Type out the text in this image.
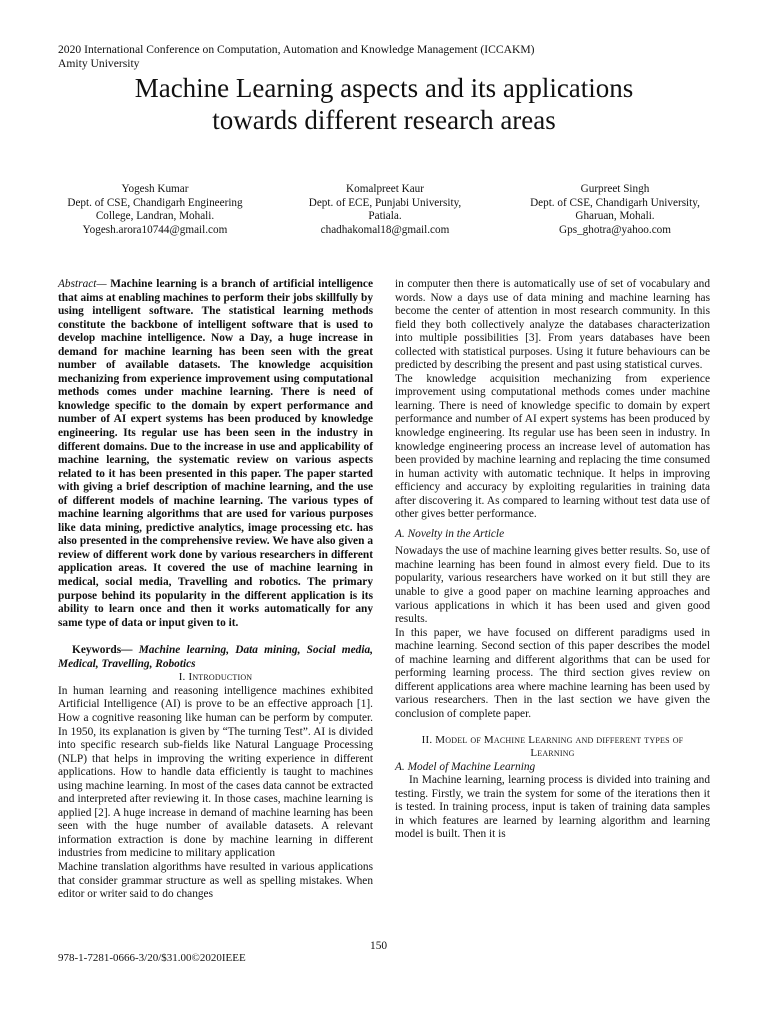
2020 International Conference on Computation, Automation and Knowledge Management (ICCAKM)
Amity University
Machine Learning aspects and its applications
towards different research areas
Yogesh Kumar
Dept. of CSE, Chandigarh Engineering
College, Landran, Mohali.
Yogesh.arora10744@gmail.com
Komalpreet Kaur
Dept. of ECE, Punjabi University,
Patiala.
chadhakomal18@gmail.com
Gurpreet Singh
Dept. of CSE, Chandigarh University,
Gharuan, Mohali.
Gps_ghotra@yahoo.com

Abstract— Machine learning is a branch of artificial intelligence that aims at enabling machines to perform their jobs skillfully by using intelligent software. The statistical learning methods constitute the backbone of intelligent software that is used to develop machine intelligence. Now a Day, a huge increase in demand for machine learning has been seen with the great number of available datasets. The knowledge acquisition mechanizing from experience improvement using computational methods comes under machine learning. There is need of knowledge specific to the domain by expert performance and number of AI expert systems has been produced by knowledge engineering. Its regular use has been seen in the industry in different domains. Due to the increase in use and applicability of machine learning, the systematic review on various aspects related to it has been presented in this paper. The paper started with giving a brief description of machine learning, and the use of different models of machine learning. The various types of machine learning algorithms that are used for various purposes like data mining, predictive analytics, image processing etc. has also presented in the comprehensive review. We have also given a review of different work done by various researchers in different application areas. It covered the use of machine learning in medical, social media, Travelling and robotics. The primary purpose behind its popularity in the different application is its ability to learn once and then it works automatically for any same type of data or input given to it.

Keywords— Machine learning, Data mining, Social media, Medical, Travelling, Robotics

I. Introduction

In human learning and reasoning intelligence machines exhibited Artificial Intelligence (AI) is prove to be an effective approach [1]. How a cognitive reasoning like human can be perform by computer. In 1950, its explanation is given by “The turning Test”. AI is divided into specific research sub-fields like Natural Language Processing (NLP) that helps in improving the writing experience in different applications. How to handle data efficiently is taught to machines using machine learning. In most of the cases data cannot be extracted and interpreted after reviewing it. In those cases, machine learning is applied [2]. A huge increase in demand of machine learning has been seen with the huge number of available datasets. A relevant information extraction is done by machine learning in different industries from medicine to military application

Machine translation algorithms have resulted in various applications that consider grammar structure as well as spelling mistakes. When editor or writer said to do changes

in computer then there is automatically use of set of vocabulary and words. Now a days use of data mining and machine learning has become the center of attention in most research community. In this field they both collectively analyze the databases characterization into multiple possibilities [3]. From years databases have been collected with statistical purposes. Using it future behaviours can be predicted by describing the present and past using statistical curves.

The knowledge acquisition mechanizing from experience improvement using computational methods comes under machine learning. There is need of knowledge specific to domain by expert performance and number of AI expert systems has been produced by knowledge engineering. Its regular use has been seen in industry. In knowledge engineering process an increase level of automation has been provided by machine learning and replacing the time consumed in human activity with automatic technique. It helps in improving efficiency and accuracy by exploiting regularities in training data after discovering it. As compared to learning without test data use of other gives better performance.

A. Novelty in the Article

Nowadays the use of machine learning gives better results. So, use of machine learning has been found in almost every field. Due to its popularity, various researchers have worked on it but still they are unable to give a good paper on machine learning approaches and various applications in which it has been used and given good results.

In this paper, we have focused on different paradigms used in machine learning. Second section of this paper describes the model of machine learning and different algorithms that can be used for performing learning process. The third section gives review on different applications area where machine learning has been used by various researchers. Then in the last section we have given the conclusion of complete paper.

II. Model of Machine Learning and different types of
Learning
A. Model of Machine Learning

In Machine learning, learning process is divided into training and testing. Firstly, we train the system for some of the iterations then it is tested. In training process, input is taken of training data samples in which features are learned by learning algorithm and learning model is built. Then it is

150
978-1-7281-0666-3/20/$31.00©2020IEEE
